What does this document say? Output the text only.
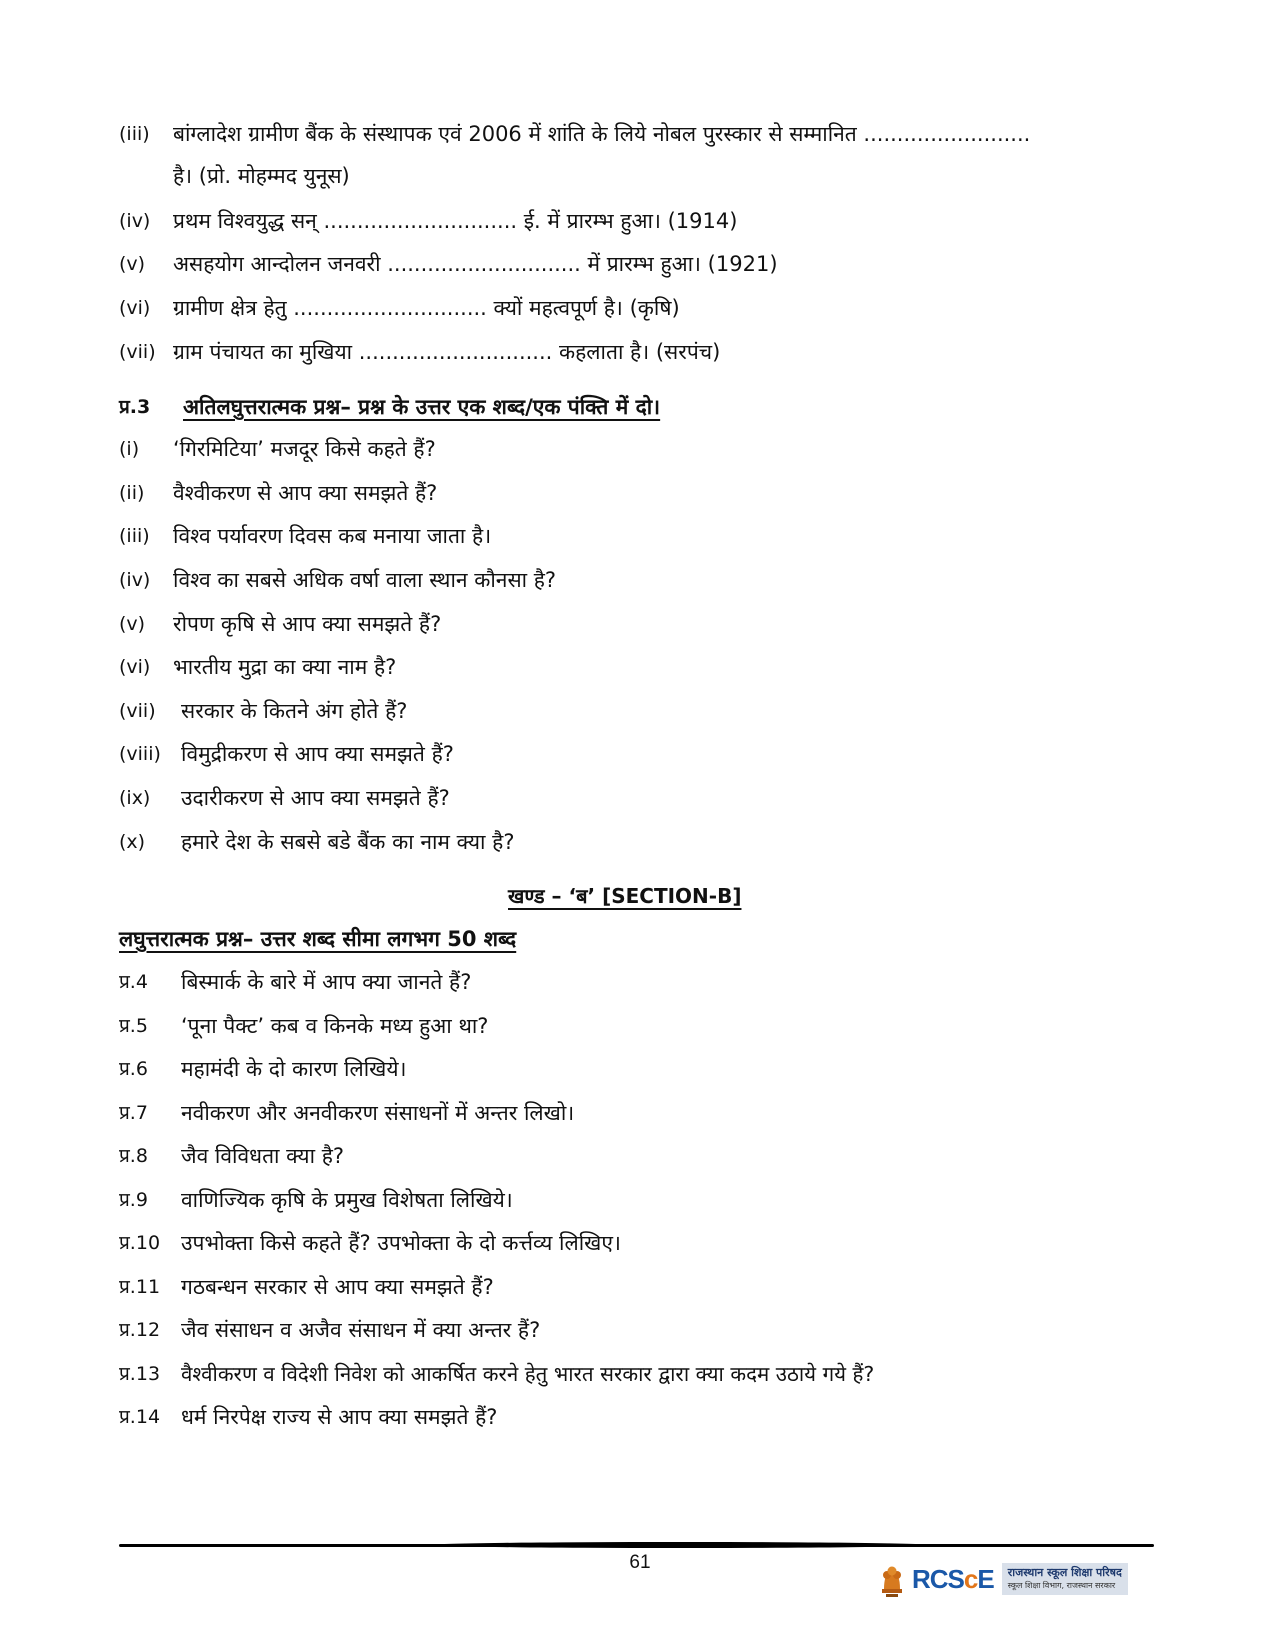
(iii) बांग्लादेश ग्रामीण बैंक के संस्थापक एवं 2006 में शांति के लिये नोबल पुरस्कार से सम्मानित .........................
है। (प्रो. मोहम्मद युनूस)
(iv) प्रथम विश्वयुद्ध सन् ............................. ई. में प्रारम्भ हुआ। (1914)
(v) असहयोग आन्दोलन जनवरी ............................. में प्रारम्भ हुआ। (1921)
(vi) ग्रामीण क्षेत्र हेतु ............................. क्यों महत्वपूर्ण है। (कृषि)
(vii) ग्राम पंचायत का मुखिया ............................. कहलाता है। (सरपंच)
प्र.3 अतिलघुत्तरात्मक प्रश्न– प्रश्न के उत्तर एक शब्द/एक पंक्ति में दो।
(i) ‘गिरमिटिया’ मजदूर किसे कहते हैं?
(ii) वैश्वीकरण से आप क्या समझते हैं?
(iii) विश्व पर्यावरण दिवस कब मनाया जाता है।
(iv) विश्व का सबसे अधिक वर्षा वाला स्थान कौनसा है?
(v) रोपण कृषि से आप क्या समझते हैं?
(vi) भारतीय मुद्रा का क्या नाम है?
(vii) सरकार के कितने अंग होते हैं?
(viii) विमुद्रीकरण से आप क्या समझते हैं?
(ix) उदारीकरण से आप क्या समझते हैं?
(x) हमारे देश के सबसे बडे बैंक का नाम क्या है?
खण्ड – ‘ब’ [SECTION-B]
लघुत्तरात्मक प्रश्न– उत्तर शब्द सीमा लगभग 50 शब्द
प्र.4 बिस्मार्क के बारे में आप क्या जानते हैं?
प्र.5 ‘पूना पैक्ट’ कब व किनके मध्य हुआ था?
प्र.6 महामंदी के दो कारण लिखिये।
प्र.7 नवीकरण और अनवीकरण संसाधनों में अन्तर लिखो।
प्र.8 जैव विविधता क्या है?
प्र.9 वाणिज्यिक कृषि के प्रमुख विशेषता लिखिये।
प्र.10 उपभोक्ता किसे कहते हैं? उपभोक्ता के दो कर्त्तव्य लिखिए।
प्र.11 गठबन्धन सरकार से आप क्या समझते हैं?
प्र.12 जैव संसाधन व अजैव संसाधन में क्या अन्तर हैं?
प्र.13 वैश्वीकरण व विदेशी निवेश को आकर्षित करने हेतु भारत सरकार द्वारा क्या कदम उठाये गये हैं?
प्र.14 धर्म निरपेक्ष राज्य से आप क्या समझते हैं?
61
RCScE राजस्थान स्कूल शिक्षा परिषद
स्कूल शिक्षा विभाग, राजस्थान सरकार
